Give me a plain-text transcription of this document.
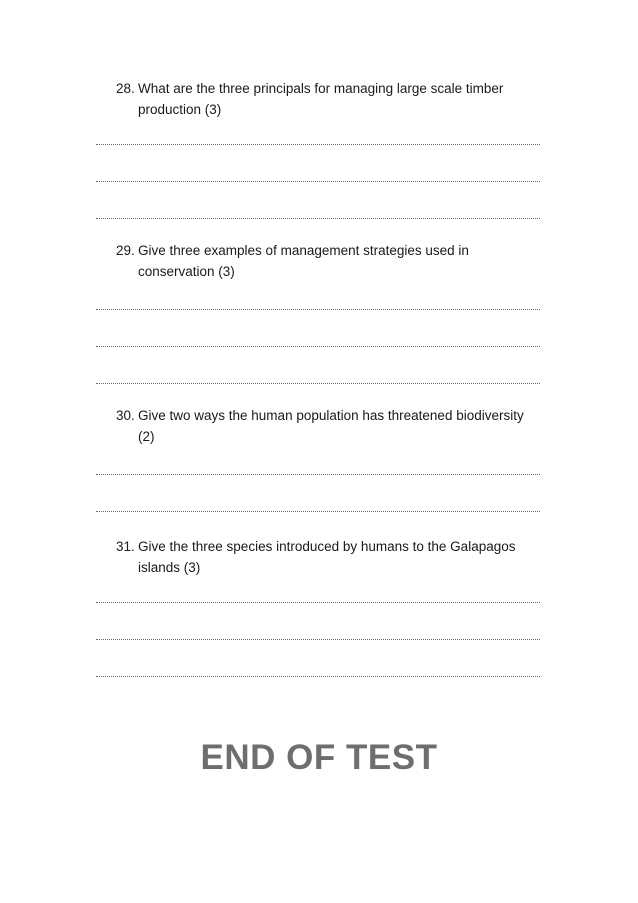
28. What are the three principals for managing large scale timber
production (3)
29. Give three examples of management strategies used in
conservation (3)
30. Give two ways the human population has threatened biodiversity
(2)
31. Give the three species introduced by humans to the Galapagos
islands (3)
END OF TEST
